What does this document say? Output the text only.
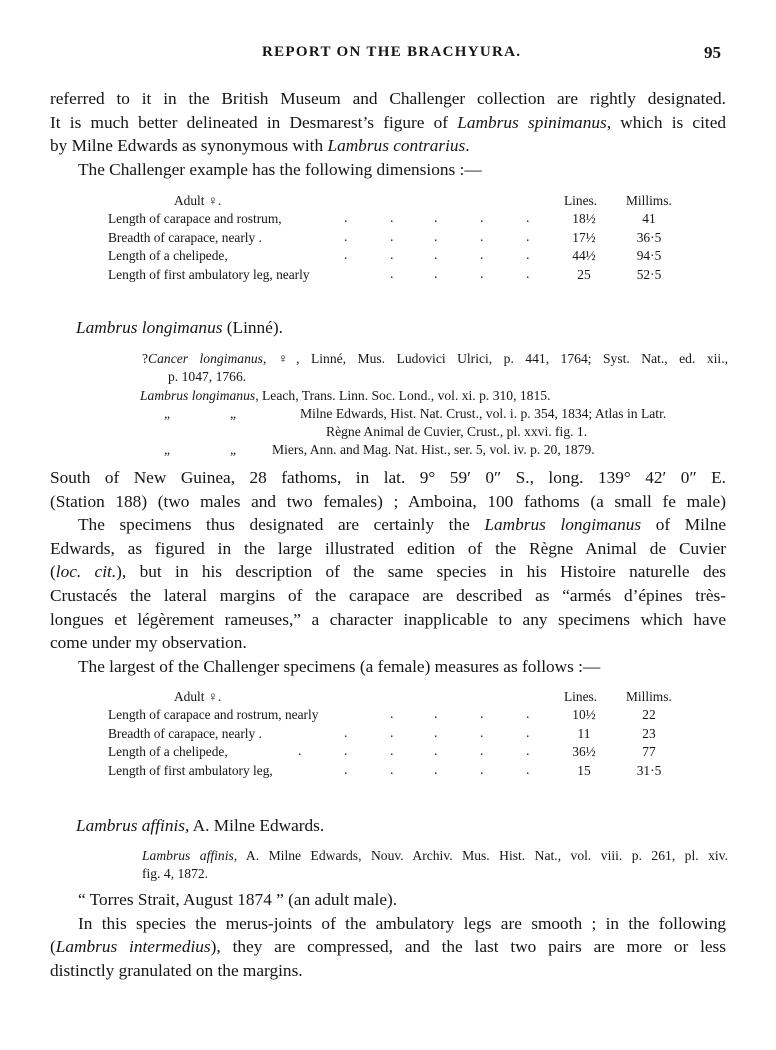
REPORT ON THE BRACHYURA.	95
referred to it in the British Museum and Challenger collection are rightly designated.
It is much better delineated in Desmarest’s figure of Lambrus spinimanus, which is cited
by Milne Edwards as synonymous with Lambrus contrarius.
The Challenger example has the following dimensions :—
Adult ♀.	Lines. Millims.
Length of carapace and rostrum,	.	.	.	.	.	18½	41
Breadth of carapace, nearly .	.	.	.	.	.	17½	36·5
Length of a chelipede,	.	.	.	.	.	44½	94·5
Length of first ambulatory leg, nearly	.	.	.	.	25	52·5
Lambrus longimanus (Linné).
?Cancer longimanus, ♀, Linné, Mus. Ludovici Ulrici, p. 441, 1764; Syst. Nat., ed. xii.,
p. 1047, 1766.
Lambrus longimanus, Leach, Trans. Linn. Soc. Lond., vol. xi. p. 310, 1815.
„	„	Milne Edwards, Hist. Nat. Crust., vol. i. p. 354, 1834; Atlas in Latr.
Règne Animal de Cuvier, Crust., pl. xxvi. fig. 1.
„	„	Miers, Ann. and Mag. Nat. Hist., ser. 5, vol. iv. p. 20, 1879.
South of New Guinea, 28 fathoms, in lat. 9° 59′ 0″ S., long. 139° 42′ 0″ E.
(Station 188) (two males and two females) ; Amboina, 100 fathoms (a small fe male)
The specimens thus designated are certainly the Lambrus longimanus of Milne
Edwards, as figured in the large illustrated edition of the Règne Animal de Cuvier
(loc. cit.), but in his description of the same species in his Histoire naturelle des
Crustacés the lateral margins of the carapace are described as “armés d’épines très-
longues et légèrement rameuses,” a character inapplicable to any specimens which have
come under my observation.
The largest of the Challenger specimens (a female) measures as follows :—
Adult ♀.	Lines. Millims.
Length of carapace and rostrum, nearly	.	.	.	.	10½	22
Breadth of carapace, nearly .	.	.	.	.	.	11	23
Length of a chelipede,	.	.	.	.	.	.	36½	77
Length of first ambulatory leg,	.	.	.	.	.	15	31·5
Lambrus affinis, A. Milne Edwards.
Lambrus affinis, A. Milne Edwards, Nouv. Archiv. Mus. Hist. Nat., vol. viii. p. 261, pl. xiv.
fig. 4, 1872.
“ Torres Strait, August 1874 ” (an adult male).
In this species the merus-joints of the ambulatory legs are smooth ; in the following
(Lambrus intermedius), they are compressed, and the last two pairs are more or less
distinctly granulated on the margins.
